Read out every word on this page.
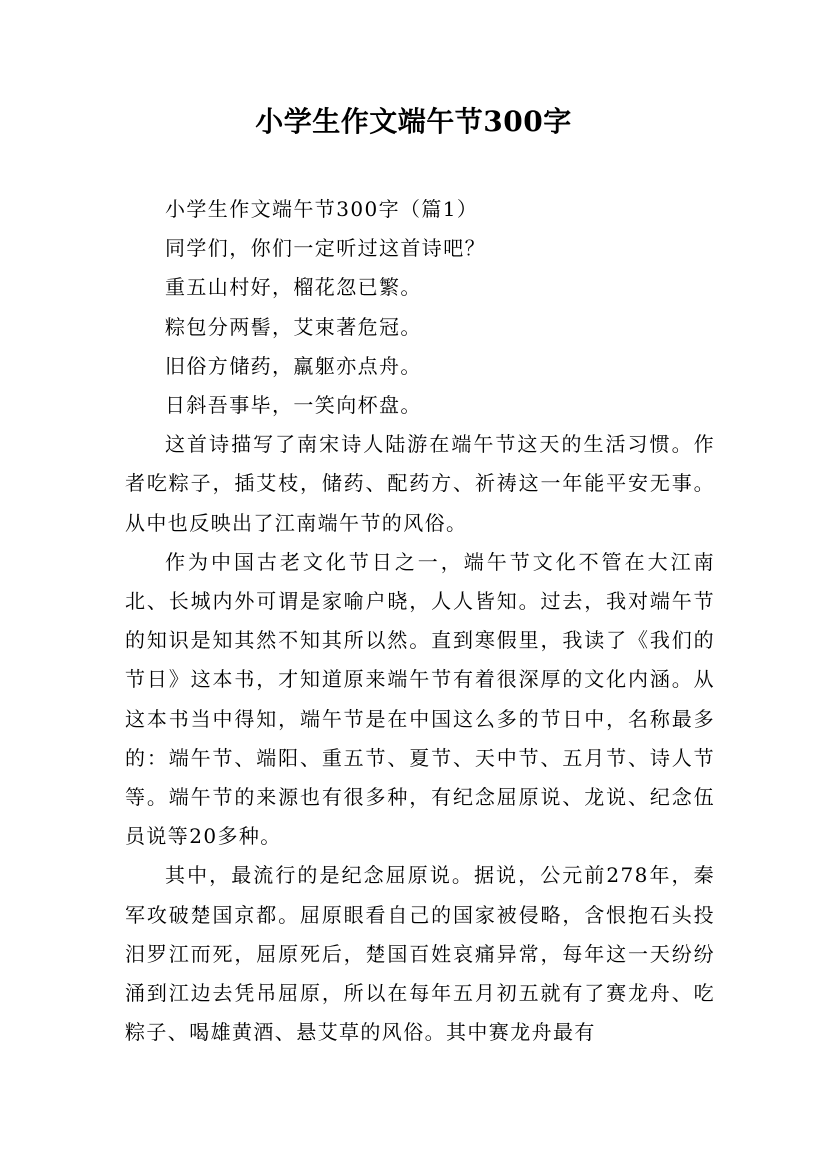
小学生作文端午节300字

小学生作文端午节300字（篇1）

同学们，你们一定听过这首诗吧？

重五山村好，榴花忽已繁。

粽包分两髻，艾束著危冠。

旧俗方储药，羸躯亦点舟。

日斜吾事毕，一笑向杯盘。

这首诗描写了南宋诗人陆游在端午节这天的生活习惯。作者吃粽子，插艾枝，储药、配药方、祈祷这一年能平安无事。从中也反映出了江南端午节的风俗。

作为中国古老文化节日之一，端午节文化不管在大江南北、长城内外可谓是家喻户晓，人人皆知。过去，我对端午节的知识是知其然不知其所以然。直到寒假里，我读了《我们的节日》这本书，才知道原来端午节有着很深厚的文化内涵。从这本书当中得知，端午节是在中国这么多的节日中，名称最多的：端午节、端阳、重五节、夏节、天中节、五月节、诗人节等。端午节的来源也有很多种，有纪念屈原说、龙说、纪念伍员说等20多种。

其中，最流行的是纪念屈原说。据说，公元前278年，秦军攻破楚国京都。屈原眼看自己的国家被侵略，含恨抱石头投汨罗江而死，屈原死后，楚国百姓哀痛异常，每年这一天纷纷涌到江边去凭吊屈原，所以在每年五月初五就有了赛龙舟、吃粽子、喝雄黄酒、悬艾草的风俗。其中赛龙舟最有
